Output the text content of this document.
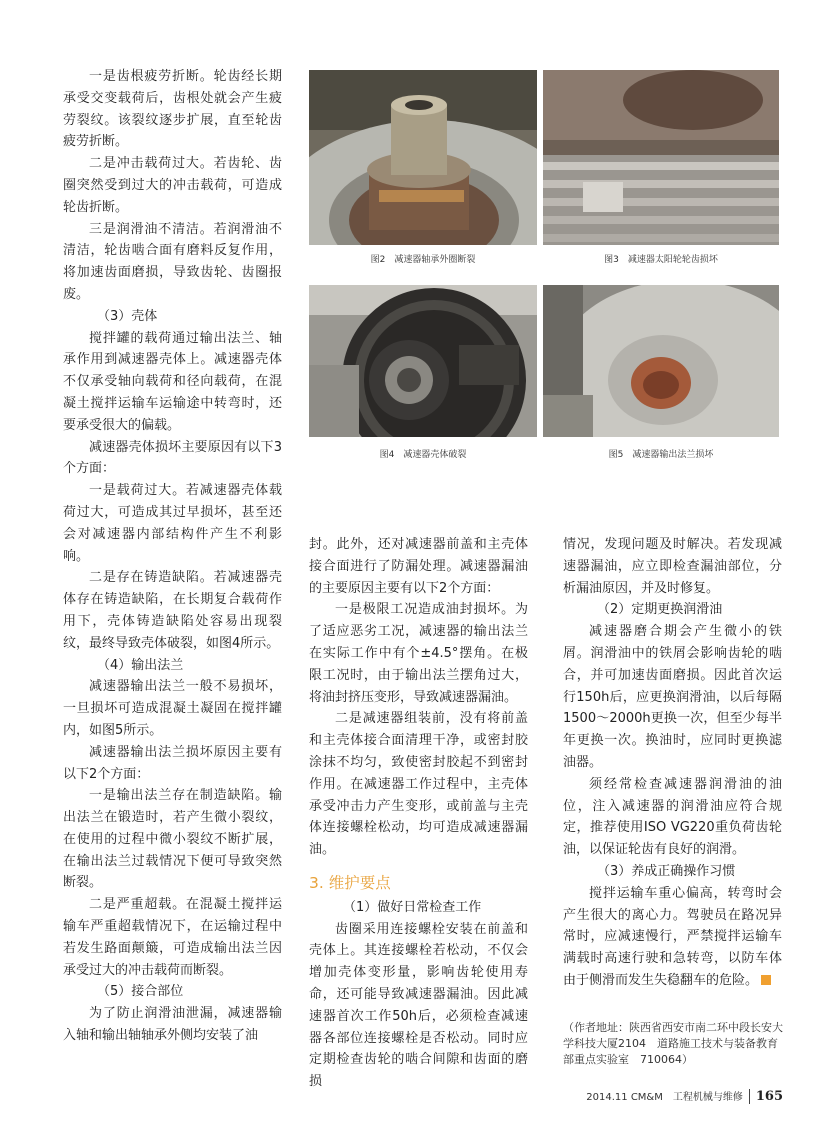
图2　减速器轴承外圈断裂	图3　减速器太阳轮轮齿损坏
图4　减速器壳体破裂	图5　减速器输出法兰损坏

一是齿根疲劳折断。轮齿经长期承受交变载荷后，齿根处就会产生疲劳裂纹。该裂纹逐步扩展，直至轮齿疲劳折断。

二是冲击载荷过大。若齿轮、齿圈突然受到过大的冲击载荷，可造成轮齿折断。

三是润滑油不清洁。若润滑油不清洁，轮齿啮合面有磨料反复作用，将加速齿面磨损，导致齿轮、齿圈报废。

（3）壳体

搅拌罐的载荷通过输出法兰、轴承作用到减速器壳体上。减速器壳体不仅承受轴向载荷和径向载荷，在混凝土搅拌运输车运输途中转弯时，还要承受很大的偏载。

减速器壳体损坏主要原因有以下3个方面：

一是载荷过大。若减速器壳体载荷过大，可造成其过早损坏，甚至还会对减速器内部结构件产生不利影响。

二是存在铸造缺陷。若减速器壳体存在铸造缺陷，在长期复合载荷作用下，壳体铸造缺陷处容易出现裂纹，最终导致壳体破裂，如图4所示。

（4）输出法兰

减速器输出法兰一般不易损坏，一旦损坏可造成混凝土凝固在搅拌罐内，如图5所示。

减速器输出法兰损坏原因主要有以下2个方面：

一是输出法兰存在制造缺陷。输出法兰在锻造时，若产生微小裂纹，在使用的过程中微小裂纹不断扩展，在输出法兰过载情况下便可导致突然断裂。

二是严重超载。在混凝土搅拌运输车严重超载情况下，在运输过程中若发生路面颠簸，可造成输出法兰因承受过大的冲击载荷而断裂。

（5）接合部位

为了防止润滑油泄漏，减速器输入轴和输出轴轴承外侧均安装了油

封。此外，还对减速器前盖和主壳体接合面进行了防漏处理。减速器漏油的主要原因主要有以下2个方面：

一是极限工况造成油封损坏。为了适应恶劣工况，减速器的输出法兰在实际工作中有个±4.5°摆角。在极限工况时，由于输出法兰摆角过大，将油封挤压变形，导致减速器漏油。

二是减速器组装前，没有将前盖和主壳体接合面清理干净，或密封胶涂抹不均匀，致使密封胶起不到密封作用。在减速器工作过程中，主壳体承受冲击力产生变形，或前盖与主壳体连接螺栓松动，均可造成减速器漏油。

3. 维护要点

（1）做好日常检查工作

齿圈采用连接螺栓安装在前盖和壳体上。其连接螺栓若松动，不仅会增加壳体变形量，影响齿轮使用寿命，还可能导致减速器漏油。因此减速器首次工作50h后，必须检查减速器各部位连接螺栓是否松动。同时应定期检查齿轮的啮合间隙和齿面的磨损

情况，发现问题及时解决。若发现减速器漏油，应立即检查漏油部位，分析漏油原因，并及时修复。

（2）定期更换润滑油

减速器磨合期会产生微小的铁屑。润滑油中的铁屑会影响齿轮的啮合，并可加速齿面磨损。因此首次运行150h后，应更换润滑油，以后每隔1500～2000h更换一次，但至少每半年更换一次。换油时，应同时更换滤油器。

须经常检查减速器润滑油的油位，注入减速器的润滑油应符合规定，推荐使用ISO VG220重负荷齿轮油，以保证轮齿有良好的润滑。

（3）养成正确操作习惯

搅拌运输车重心偏高，转弯时会产生很大的离心力。驾驶员在路况异常时，应减速慢行，严禁搅拌运输车满载时高速行驶和急转弯，以防车体由于侧滑而发生失稳翻车的危险。

（作者地址：陕西省西安市南二环中段长安大学科技大厦2104　道路施工技术与装备教育部重点实验室　710064）
2014.11 CM&M　工程机械与维修 165
